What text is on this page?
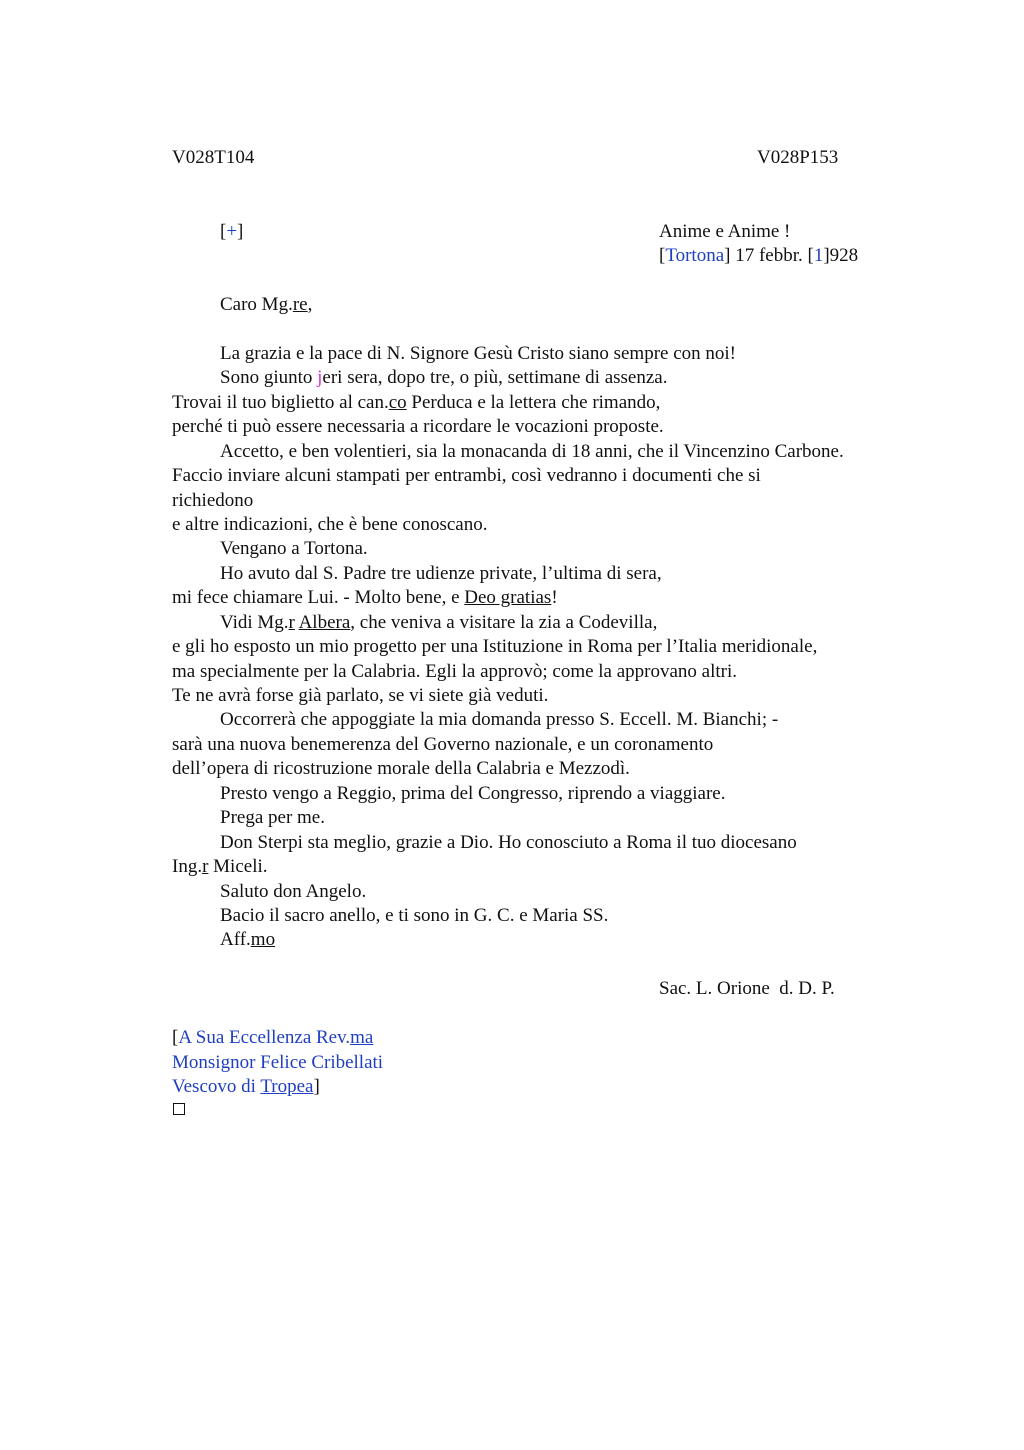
V028T104	V028P153
[+]	Anime e Anime !
[Tortona] 17 febbr. [1]928
Caro Mg.re,
La grazia e la pace di N. Signore Gesù Cristo siano sempre con noi!
Sono giunto jeri sera, dopo tre, o più, settimane di assenza.
Trovai il tuo biglietto al can.co Perduca e la lettera che rimando,
perché ti può essere necessaria a ricordare le vocazioni proposte.
Accetto, e ben volentieri, sia la monacanda di 18 anni, che il Vincenzino Carbone.
Faccio inviare alcuni stampati per entrambi, così vedranno i documenti che si
richiedono
e altre indicazioni, che è bene conoscano.
Vengano a Tortona.
Ho avuto dal S. Padre tre udienze private, l’ultima di sera,
mi fece chiamare Lui. - Molto bene, e Deo gratias!
Vidi Mg.r Albera, che veniva a visitare la zia a Codevilla,
e gli ho esposto un mio progetto per una Istituzione in Roma per l’Italia meridionale,
ma specialmente per la Calabria. Egli la approvò; come la approvano altri.
Te ne avrà forse già parlato, se vi siete già veduti.
Occorrerà che appoggiate la mia domanda presso S. Eccell. M. Bianchi; -
sarà una nuova benemerenza del Governo nazionale, e un coronamento
dell’opera di ricostruzione morale della Calabria e Mezzodì.
Presto vengo a Reggio, prima del Congresso, riprendo a viaggiare.
Prega per me.
Don Sterpi sta meglio, grazie a Dio. Ho conosciuto a Roma il tuo diocesano
Ing.r Miceli.
Saluto don Angelo.
Bacio il sacro anello, e ti sono in G. C. e Maria SS.
Aff.mo
Sac. L. Orione  d. D. P.
[A Sua Eccellenza Rev.ma
Monsignor Felice Cribellati
Vescovo di Tropea]
